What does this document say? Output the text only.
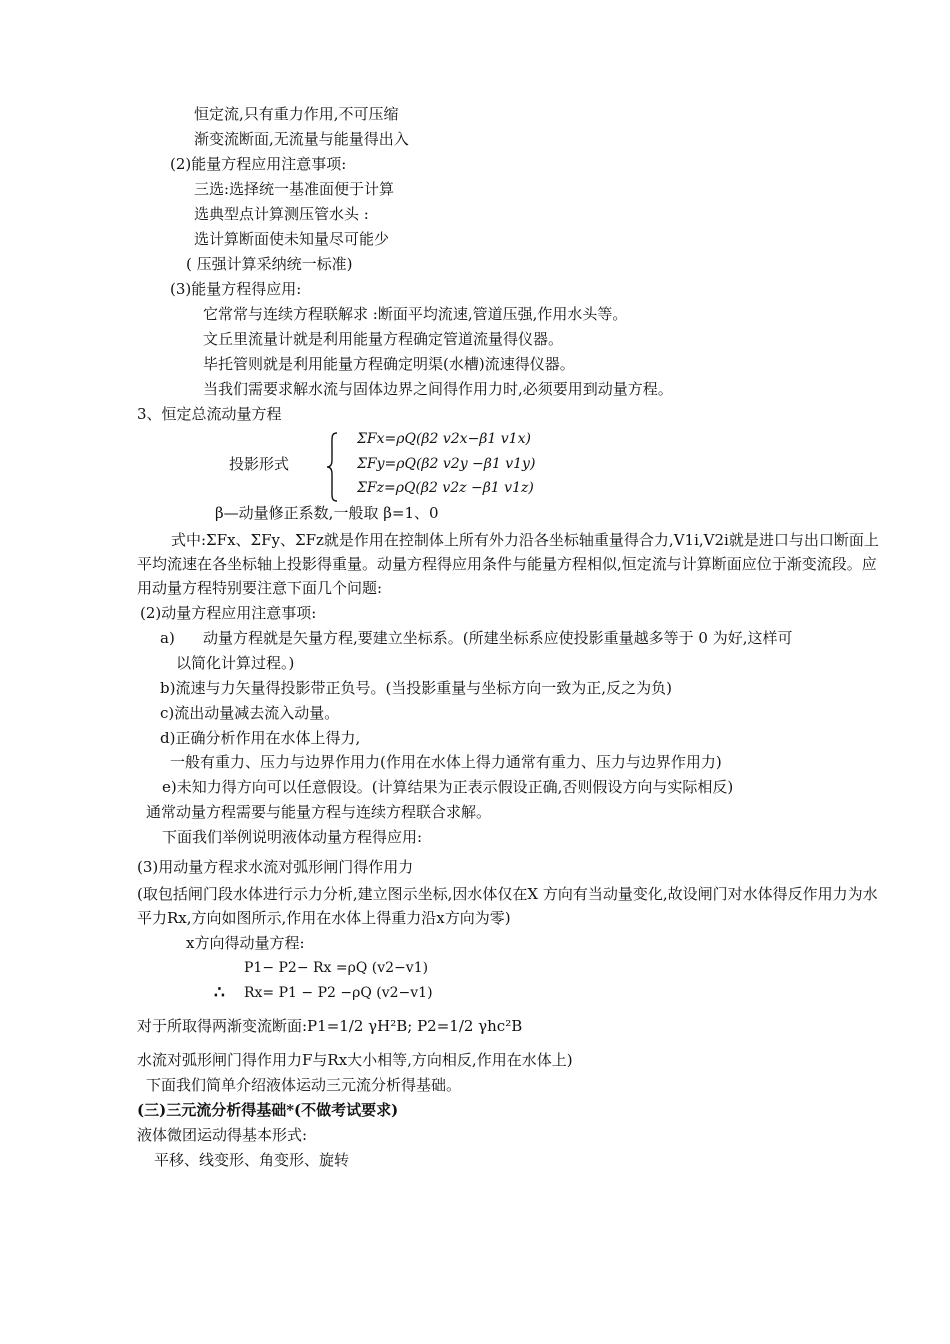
恒定流,只有重力作用,不可压缩
渐变流断面,无流量与能量得出入
(2)能量方程应用注意事项:
三选:选择统一基准面便于计算
选典型点计算测压管水头 :
选计算断面使未知量尽可能少
( 压强计算采纳统一标准)
(3)能量方程得应用:
它常常与连续方程联解求 :断面平均流速,管道压强,作用水头等。
文丘里流量计就是利用能量方程确定管道流量得仪器。
毕托管则就是利用能量方程确定明渠(水槽)流速得仪器。
当我们需要求解水流与固体边界之间得作用力时,必须要用到动量方程。
3、恒定总流动量方程
投影形式
ΣFx=ρQ(β2 v2x−β1 v1x)
ΣFy=ρQ(β2 v2y −β1 v1y)
ΣFz=ρQ(β2 v2z −β1 v1z)
β—动量修正系数,一般取 β=1、0
式中:ΣFx、ΣFy、ΣFz就是作用在控制体上所有外力沿各坐标轴重量得合力,V1i,V2i就是进口与出口断面上平均流速在各坐标轴上投影得重量。动量方程得应用条件与能量方程相似,恒定流与计算断面应位于渐变流段。应用动量方程特别要注意下面几个问题:
(2)动量方程应用注意事项:
a) 动量方程就是矢量方程,要建立坐标系。(所建坐标系应使投影重量越多等于 0 为好,这样可
以简化计算过程。)
b)流速与力矢量得投影带正负号。(当投影重量与坐标方向一致为正,反之为负)
c)流出动量减去流入动量。
d)正确分析作用在水体上得力,
一般有重力、压力与边界作用力(作用在水体上得力通常有重力、压力与边界作用力)
e)未知力得方向可以任意假设。(计算结果为正表示假设正确,否则假设方向与实际相反)
通常动量方程需要与能量方程与连续方程联合求解。
下面我们举例说明液体动量方程得应用:
(3)用动量方程求水流对弧形闸门得作用力
(取包括闸门段水体进行示力分析,建立图示坐标,因水体仅在X 方向有当动量变化,故设闸门对水体得反作用力为水平力Rx,方向如图所示,作用在水体上得重力沿x方向为零)
x方向得动量方程:
P1− P2− Rx =ρQ (v2−v1)
∴ Rx= P1 − P2 −ρQ (v2−v1)
对于所取得两渐变流断面:P1=1/2 γH²B; P2=1/2 γhc²B
水流对弧形闸门得作用力F与Rx大小相等,方向相反,作用在水体上)
下面我们简单介绍液体运动三元流分析得基础。
(三)三元流分析得基础*(不做考试要求)
液体微团运动得基本形式:
平移、线变形、角变形、旋转
